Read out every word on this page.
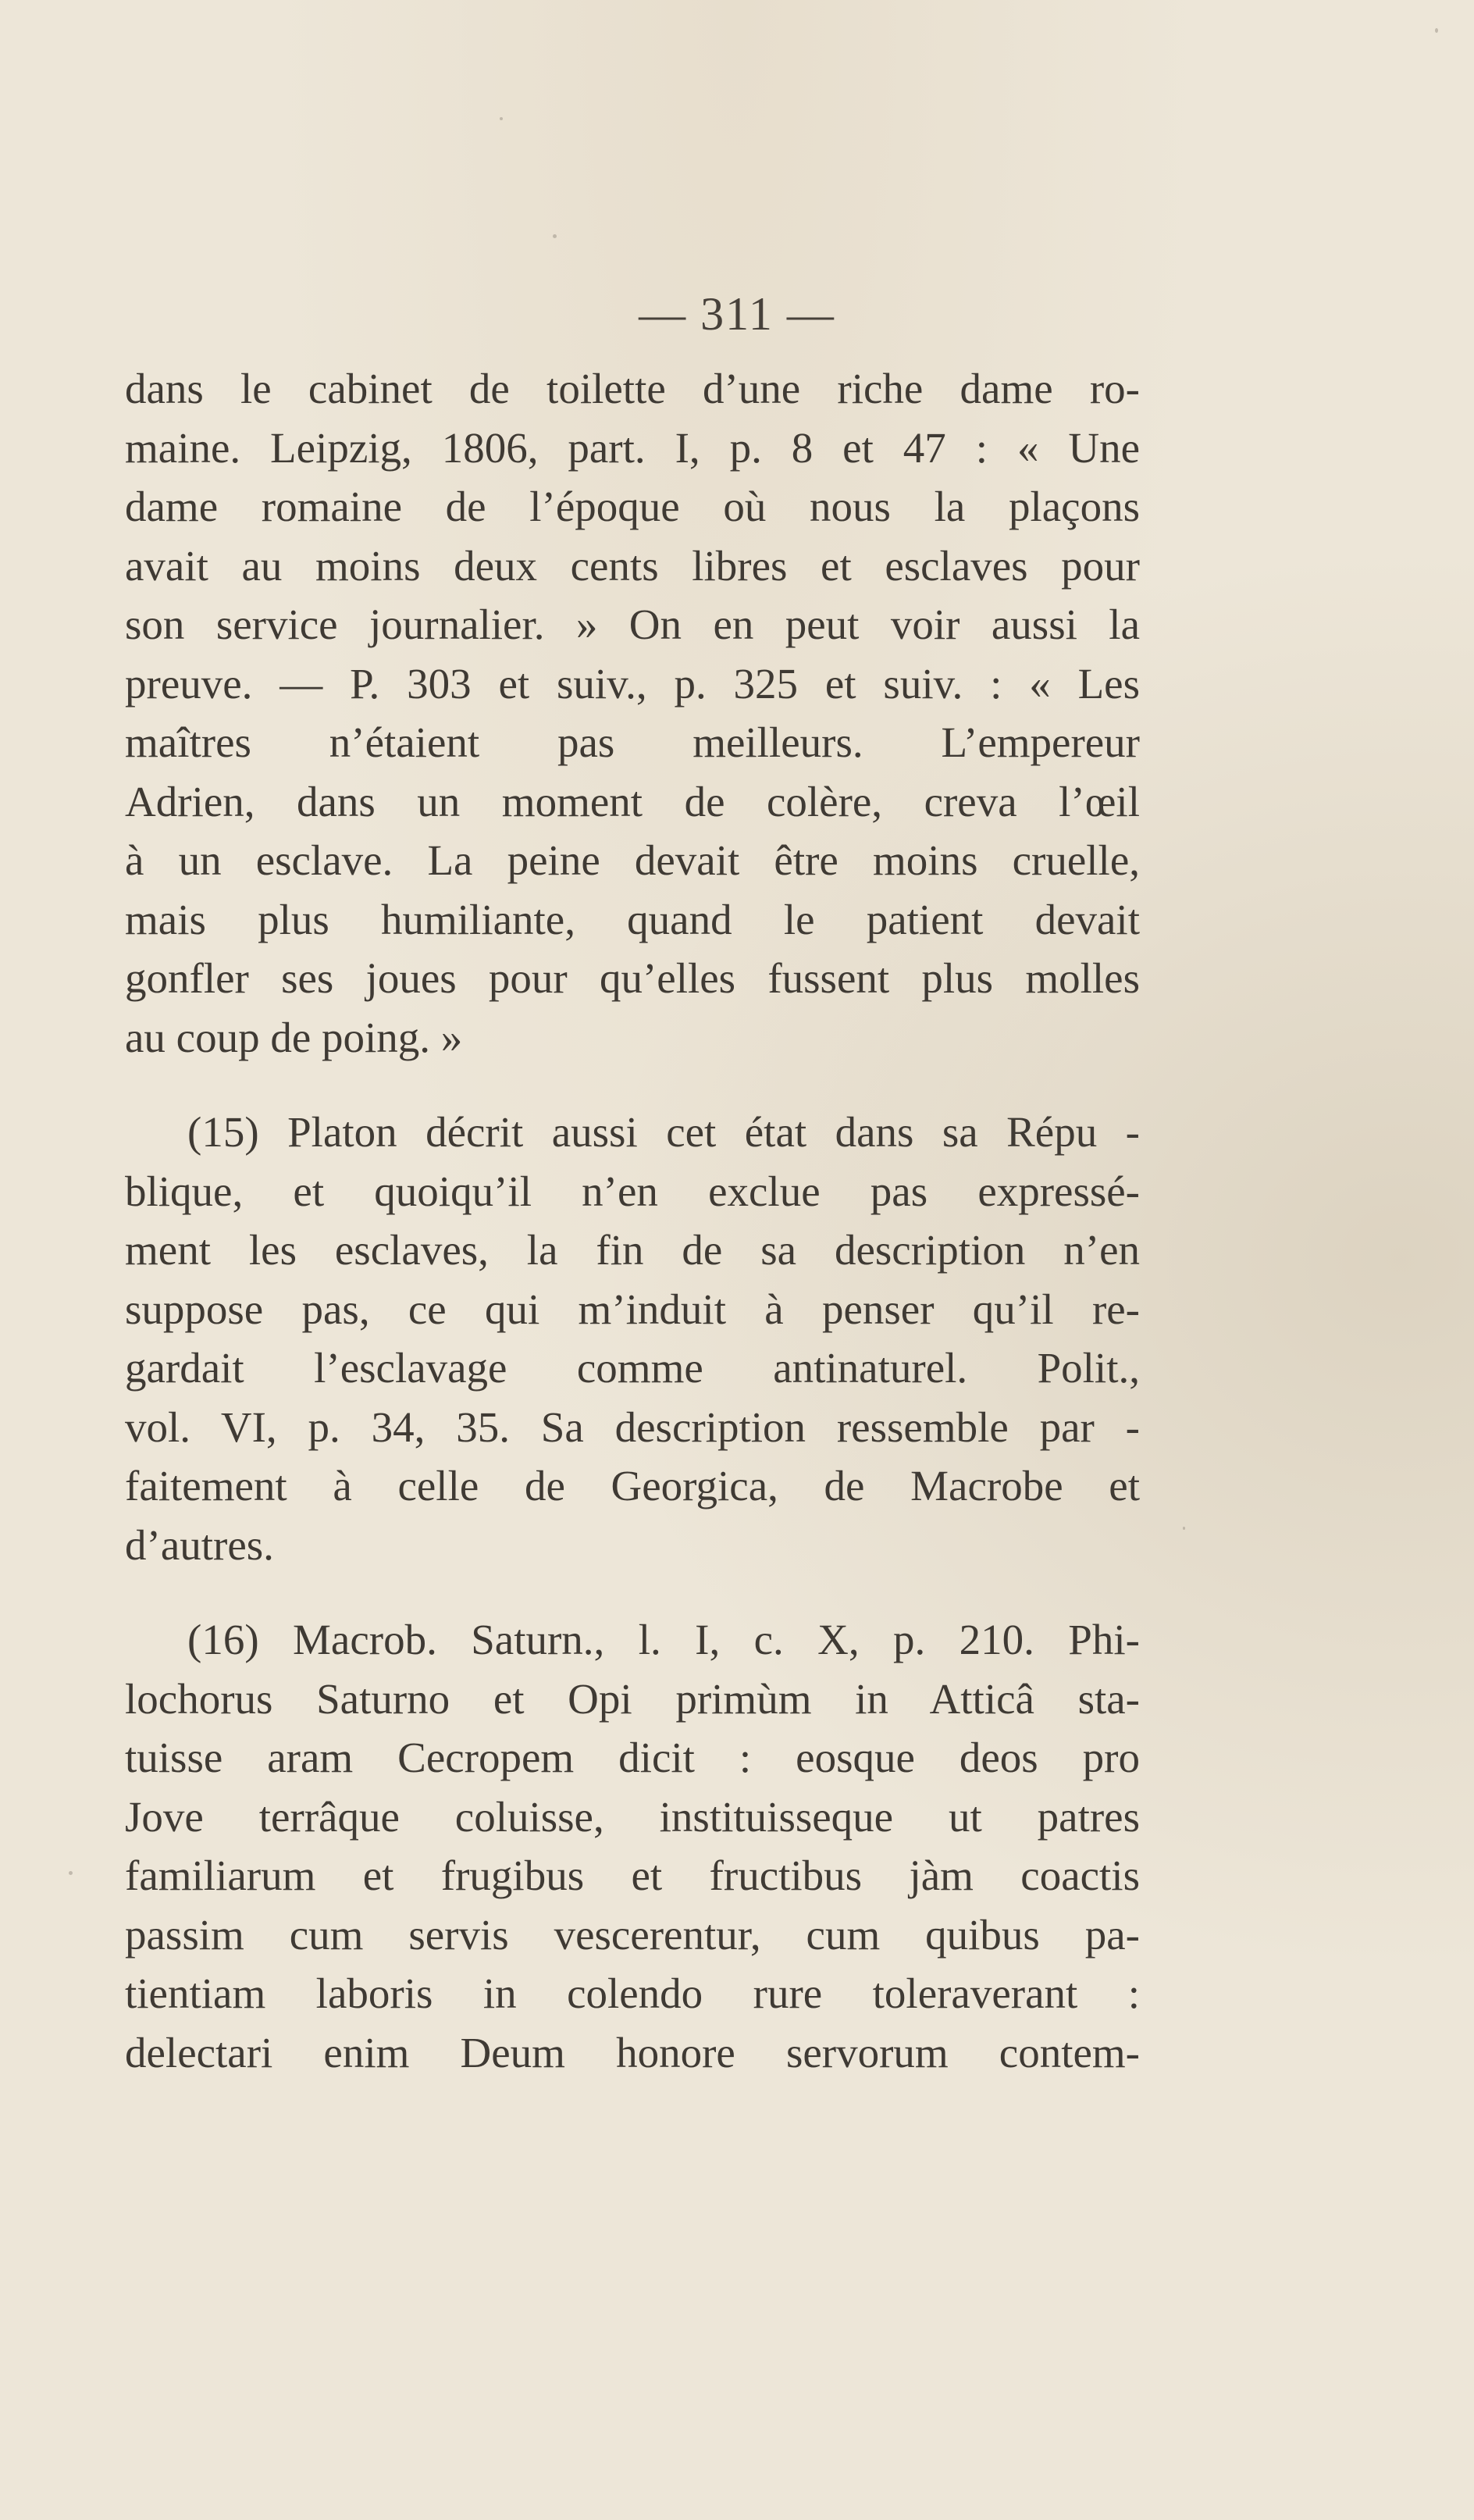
— 311 —
dans le cabinet de toilette d’une riche dame ro-
maine. Leipzig, 1806, part. I, p. 8 et 47 : « Une
dame romaine de l’époque où nous la plaçons
avait au moins deux cents libres et esclaves pour
son service journalier. » On en peut voir aussi la
preuve. — P. 303 et suiv., p. 325 et suiv. : « Les
maîtres n’étaient pas meilleurs. L’empereur
Adrien, dans un moment de colère, creva l’œil
à un esclave. La peine devait être moins cruelle,
mais plus humiliante, quand le patient devait
gonfler ses joues pour qu’elles fussent plus molles
au coup de poing. »
(15) Platon décrit aussi cet état dans sa Répu -
blique, et quoiqu’il n’en exclue pas expressé-
ment les esclaves, la fin de sa description n’en
suppose pas, ce qui m’induit à penser qu’il re-
gardait l’esclavage comme antinaturel. Polit.,
vol. VI, p. 34, 35. Sa description ressemble par -
faitement à celle de Georgica, de Macrobe et
d’autres.
(16) Macrob. Saturn., l. I, c. X, p. 210. Phi-
lochorus Saturno et Opi primùm in Atticâ sta-
tuisse aram Cecropem dicit : eosque deos pro
Jove terrâque coluisse, instituisseque ut patres
familiarum et frugibus et fructibus jàm coactis
passim cum servis vescerentur, cum quibus pa-
tientiam laboris in colendo rure toleraverant :
delectari enim Deum honore servorum contem-
